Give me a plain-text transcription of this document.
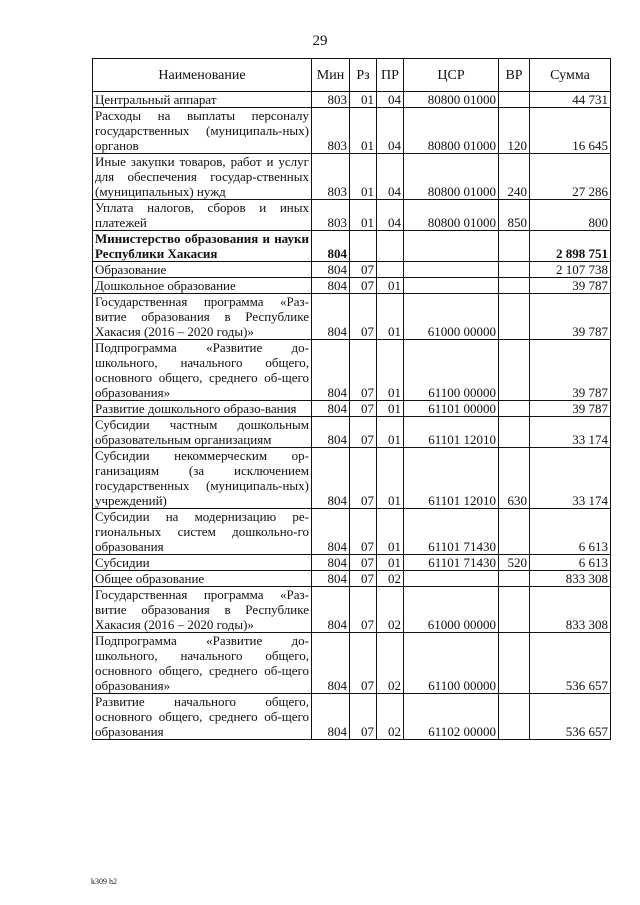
29
Наименование	Мин	Рз	ПР	ЦСР	ВР	Сумма
Центральный аппарат	803	01	04	80800 01000		44 731
Расходы на выплаты персоналу государственных (муниципаль-ных) органов	803	01	04	80800 01000	120	16 645
Иные закупки товаров, работ и услуг для обеспечения государ-ственных (муниципальных) нужд	803	01	04	80800 01000	240	27 286
Уплата налогов, сборов и иных платежей	803	01	04	80800 01000	850	800
Министерство образования и науки Республики Хакасия	804					2 898 751
Образование	804	07				2 107 738
Дошкольное образование	804	07	01			39 787
Государственная программа «Раз-витие образования в Республике Хакасия (2016 – 2020 годы)»	804	07	01	61000 00000		39 787
Подпрограмма «Развитие до-школьного, начального общего, основного общего, среднего об-щего образования»	804	07	01	61100 00000		39 787
Развитие дошкольного образо-вания	804	07	01	61101 00000		39 787
Субсидии частным дошкольным образовательным организациям	804	07	01	61101 12010		33 174
Субсидии некоммерческим ор-ганизациям (за исключением государственных (муниципаль-ных) учреждений)	804	07	01	61101 12010	630	33 174
Субсидии на модернизацию ре-гиональных систем дошкольно-го образования	804	07	01	61101 71430		6 613
Субсидии	804	07	01	61101 71430	520	6 613
Общее образование	804	07	02			833 308
Государственная программа «Раз-витие образования в Республике Хакасия (2016 – 2020 годы)»	804	07	02	61000 00000		833 308
Подпрограмма «Развитие до-школьного, начального общего, основного общего, среднего об-щего образования»	804	07	02	61100 00000		536 657
Развитие начального общего, основного общего, среднего об-щего образования	804	07	02	61102 00000		536 657
k309 h2
